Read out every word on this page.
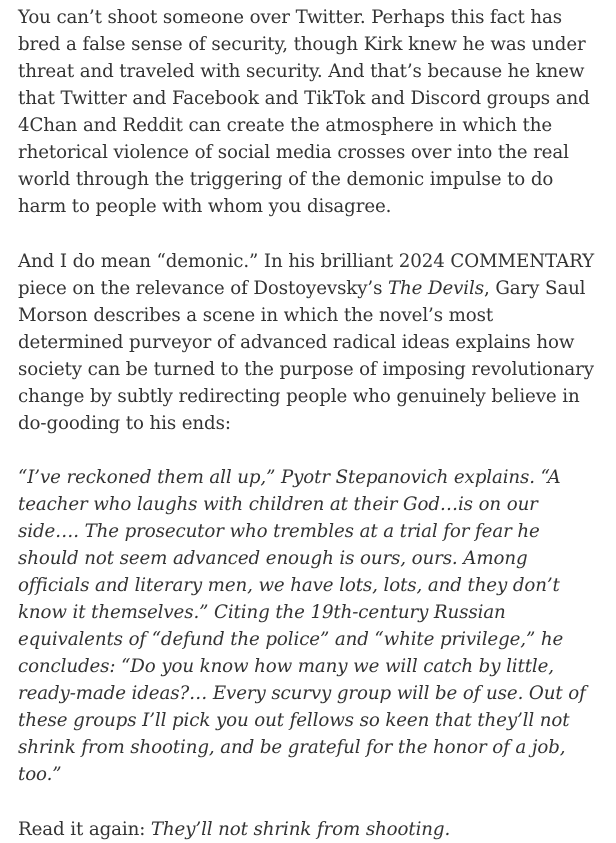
You can’t shoot someone over Twitter. Perhaps this fact has bred a false sense of security, though Kirk knew he was under threat and traveled with security. And that’s because he knew that Twitter and Facebook and TikTok and Discord groups and 4Chan and Reddit can create the atmosphere in which the rhetorical violence of social media crosses over into the real world through the triggering of the demonic impulse to do harm to people with whom you disagree.

And I do mean “demonic.” In his brilliant 2024 COMMENTARY piece on the relevance of Dostoyevsky’s The Devils, Gary Saul Morson describes a scene in which the novel’s most determined purveyor of advanced radical ideas explains how society can be turned to the purpose of imposing revolutionary change by subtly redirecting people who genuinely believe in do-gooding to his ends:

“I’ve reckoned them all up,” Pyotr Stepanovich explains. “A teacher who laughs with children at their God…is on our side…. The prosecutor who trembles at a trial for fear he should not seem advanced enough is ours, ours. Among officials and literary men, we have lots, lots, and they don’t know it themselves.” Citing the 19th-century Russian equivalents of “defund the police” and “white privilege,” he concludes: “Do you know how many we will catch by little, ready-made ideas?… Every scurvy group will be of use. Out of these groups I’ll pick you out fellows so keen that they’ll not shrink from shooting, and be grateful for the honor of a job, too.”

Read it again: They’ll not shrink from shooting.
